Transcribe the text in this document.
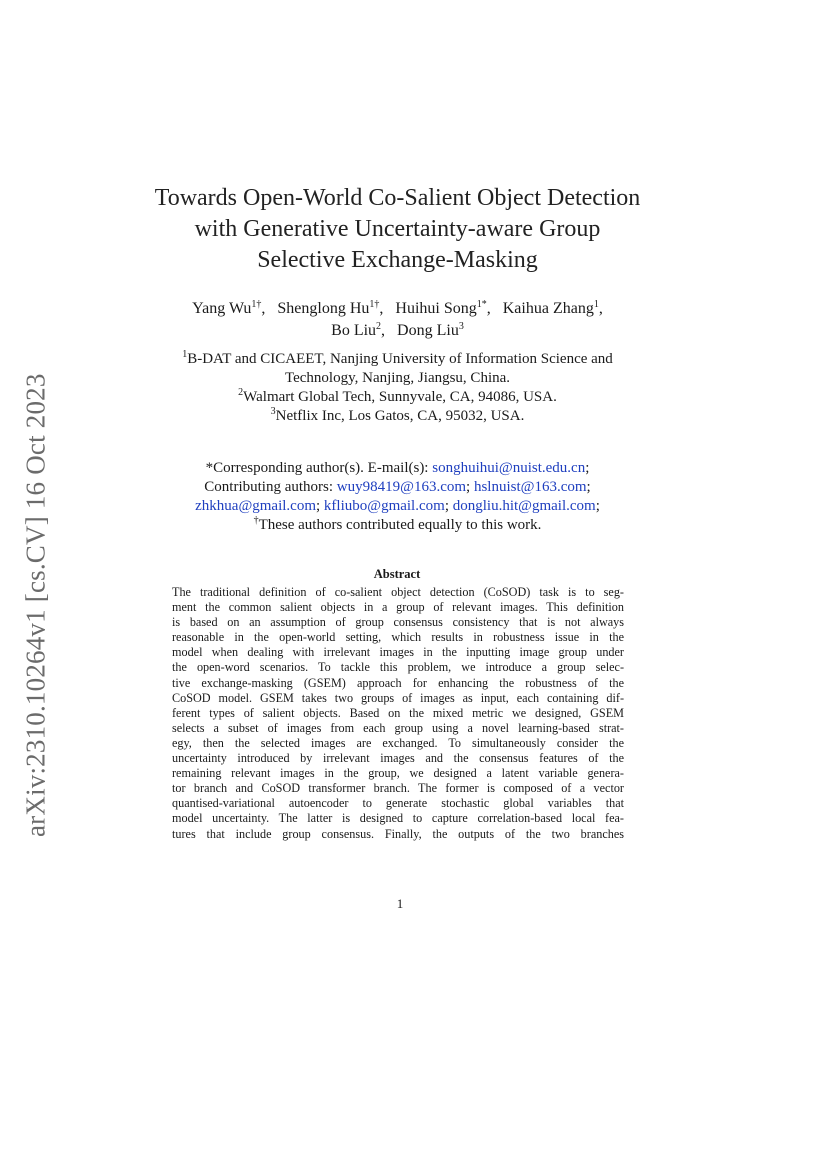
arXiv:2310.10264v1 [cs.CV] 16 Oct 2023
Towards Open-World Co-Salient Object Detection
with Generative Uncertainty-aware Group
Selective Exchange-Masking
Yang $Wu^{1\dagger}$, Shenglong $Hu^{1\dagger}$, Huihui Song$^{1*}$, Kaihua Zhang$^1$,
Bo Liu$^2$, Dong Liu$^3$
$^1$B-DAT and CICAEET, Nanjing University of Information Science and
Technology, Nanjing, Jiangsu, China.
$^2$Walmart Global Tech, Sunnyvale, CA, 94086, USA.
$^3$Netflix Inc, Los Gatos, CA, 95032, USA.
*Corresponding author(s). E-mail(s): songhuihui@nuist.edu.cn;
Contributing authors: wuy98419@163.com; hslnuist@163.com;
zhkhua@gmail.com; kfliubo@gmail.com; dongliu.hit@gmail.com;
†These authors contributed equally to this work.
Abstract
The traditional definition of co-salient object detection (CoSOD) task is to seg-
ment the common salient objects in a group of relevant images. This definition
is based on an assumption of group consensus consistency that is not always
reasonable in the open-world setting, which results in robustness issue in the
model when dealing with irrelevant images in the inputting image group under
the open-word scenarios. To tackle this problem, we introduce a group selec-
tive exchange-masking (GSEM) approach for enhancing the robustness of the
CoSOD model. GSEM takes two groups of images as input, each containing dif-
ferent types of salient objects. Based on the mixed metric we designed, GSEM
selects a subset of images from each group using a novel learning-based strat-
egy, then the selected images are exchanged. To simultaneously consider the
uncertainty introduced by irrelevant images and the consensus features of the
remaining relevant images in the group, we designed a latent variable genera-
tor branch and CoSOD transformer branch. The former is composed of a vector
quantised-variational autoencoder to generate stochastic global variables that
model uncertainty. The latter is designed to capture correlation-based local fea-
tures that include group consensus. Finally, the outputs of the two branches
1
